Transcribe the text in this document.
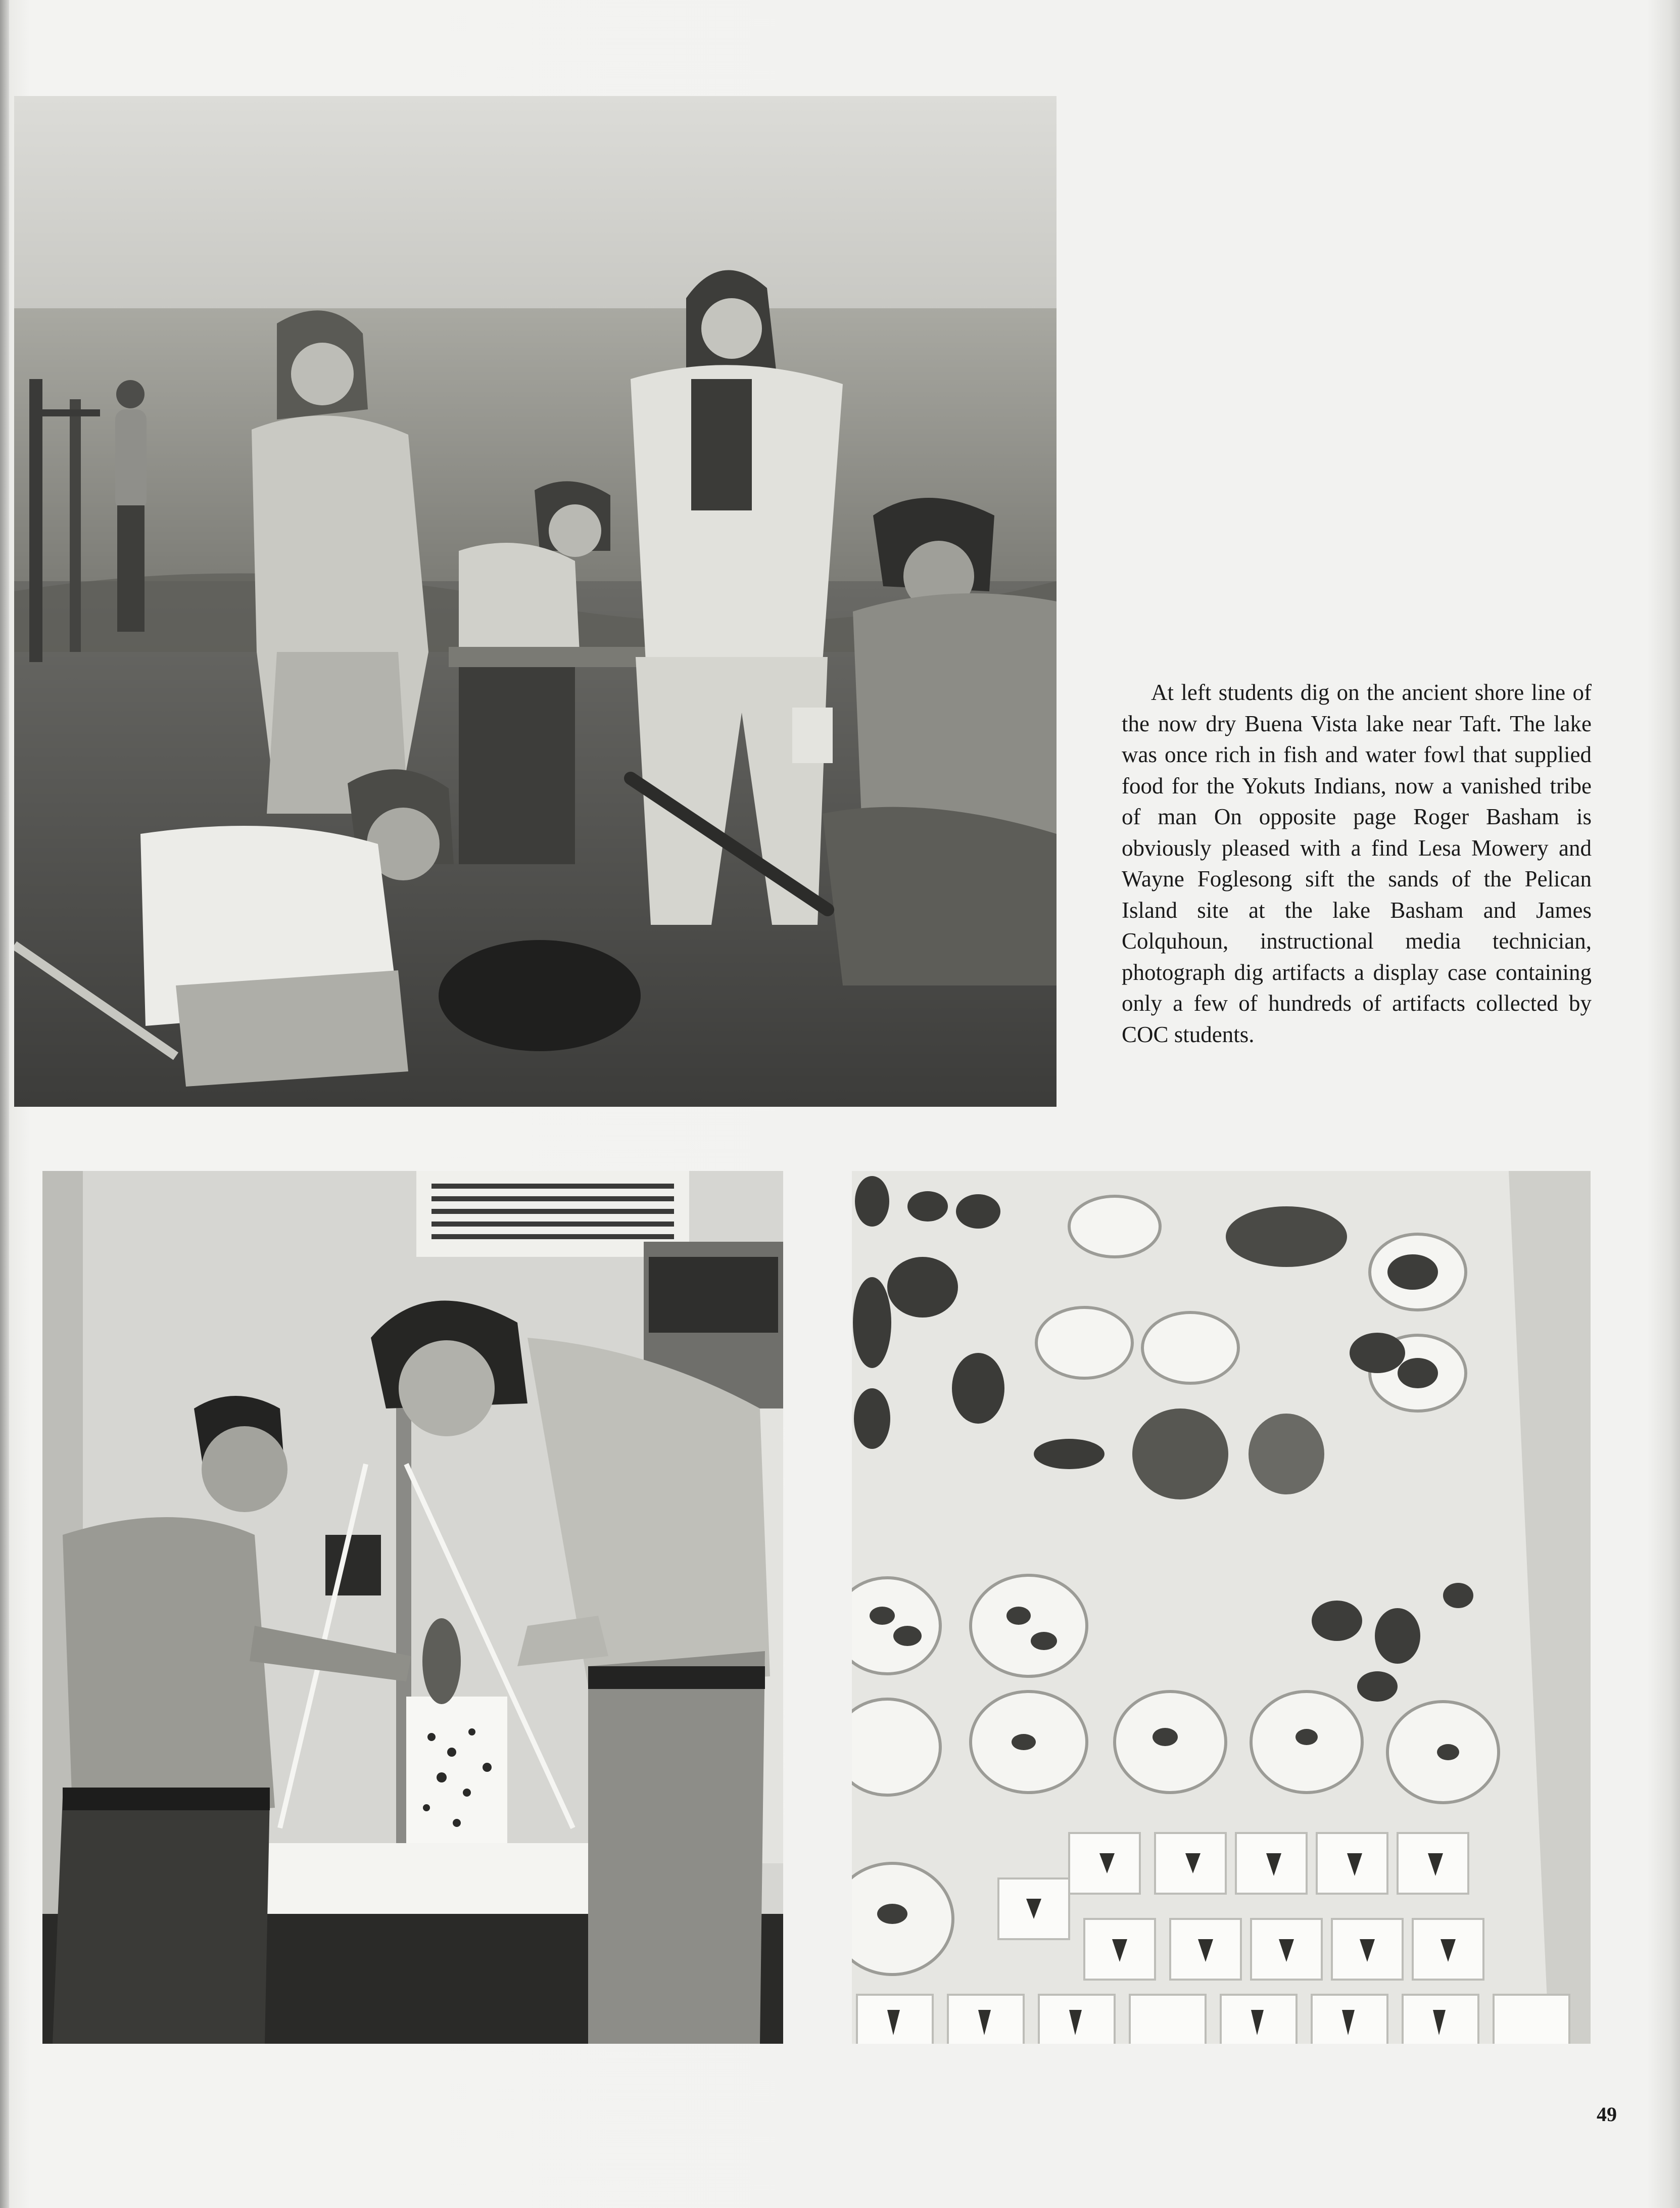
At left students dig on the ancient shore line of the now dry Buena Vista lake near Taft. The lake was once rich in fish and water fowl that supplied food for the Yokuts Indians, now a vanished tribe of man On opposite page Roger Basham is obviously pleased with a find Lesa Mowery and Wayne Foglesong sift the sands of the Pelican Island site at the lake Basham and James Colquhoun, instructional media technician, photograph dig artifacts a display case containing only a few of hundreds of artifacts collected by COC students.

49
